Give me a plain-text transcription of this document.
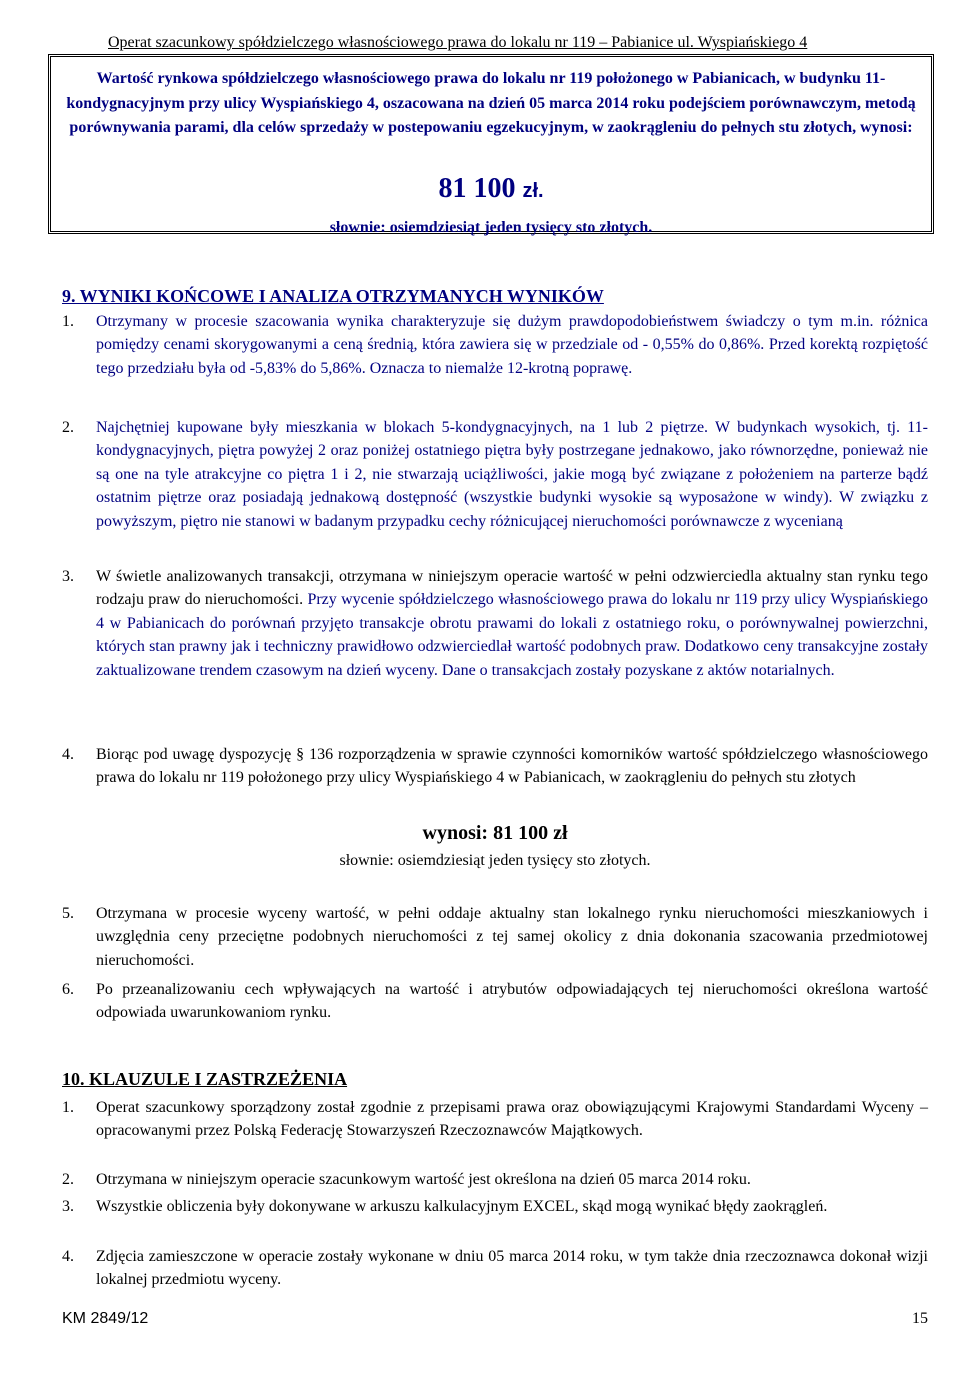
Operat szacunkowy spółdzielczego własnościowego prawa do lokalu nr 119 – Pabianice ul. Wyspiańskiego 4
Wartość rynkowa spółdzielczego własnościowego prawa do lokalu nr 119 położonego w Pabianicach, w budynku 11-kondygnacyjnym przy ulicy Wyspiańskiego 4, oszacowana na dzień 05 marca 2014 roku podejściem porównawczym, metodą porównywania parami, dla celów sprzedaży w postepowaniu egzekucyjnym, w zaokrągleniu do pełnych stu złotych, wynosi:
81 100 zł.
słownie: osiemdziesiąt jeden tysięcy sto złotych.
9. WYNIKI KOŃCOWE I ANALIZA OTRZYMANYCH WYNIKÓW
1.	Otrzymany w procesie szacowania wynika charakteryzuje się dużym prawdopodobieństwem świadczy o tym m.in. różnica pomiędzy cenami skorygowanymi a ceną średnią, która zawiera się w przedziale od - 0,55% do 0,86%. Przed korektą rozpiętość tego przedziału była od -5,83% do 5,86%. Oznacza to niemalże 12-krotną poprawę.
2.	Najchętniej kupowane były mieszkania w blokach 5-kondygnacyjnych, na 1 lub 2 piętrze. W budynkach wysokich, tj. 11-kondygnacyjnych, piętra powyżej 2 oraz poniżej ostatniego piętra były postrzegane jednakowo, jako równorzędne, ponieważ nie są one na tyle atrakcyjne co piętra 1 i 2, nie stwarzają uciążliwości, jakie mogą być związane z położeniem na parterze bądź ostatnim piętrze oraz posiadają jednakową dostępność (wszystkie budynki wysokie są wyposażone w windy). W związku z powyższym, piętro nie stanowi w badanym przypadku cechy różnicującej nieruchomości porównawcze z wycenianą
3.	W świetle analizowanych transakcji, otrzymana w niniejszym operacie wartość w pełni odzwierciedla aktualny stan rynku tego rodzaju praw do nieruchomości. Przy wycenie spółdzielczego własnościowego prawa do lokalu nr 119 przy ulicy Wyspiańskiego 4 w Pabianicach do porównań przyjęto transakcje obrotu prawami do lokali z ostatniego roku, o porównywalnej powierzchni, których stan prawny jak i techniczny prawidłowo odzwierciedlał wartość podobnych praw. Dodatkowo ceny transakcyjne zostały zaktualizowane trendem czasowym na dzień wyceny. Dane o transakcjach zostały pozyskane z aktów notarialnych.
4.	Biorąc pod uwagę dyspozycję § 136 rozporządzenia w sprawie czynności komorników wartość spółdzielczego własnościowego prawa do lokalu nr 119 położonego przy ulicy Wyspiańskiego 4 w Pabianicach, w zaokrągleniu do pełnych stu złotych
wynosi: 81 100 zł
słownie: osiemdziesiąt jeden tysięcy sto złotych.
5.	Otrzymana w procesie wyceny wartość, w pełni oddaje aktualny stan lokalnego rynku nieruchomości mieszkaniowych i uwzględnia ceny przeciętne podobnych nieruchomości z tej samej okolicy z dnia dokonania szacowania przedmiotowej nieruchomości.
6.	Po przeanalizowaniu cech wpływających na wartość i atrybutów odpowiadających tej nieruchomości określona wartość odpowiada uwarunkowaniom rynku.
10. KLAUZULE I ZASTRZEŻENIA
1.	Operat szacunkowy sporządzony został zgodnie z przepisami prawa oraz obowiązującymi Krajowymi Standardami Wyceny – opracowanymi przez Polską Federację Stowarzyszeń Rzeczoznawców Majątkowych.
2.	Otrzymana w niniejszym operacie szacunkowym wartość jest określona na dzień 05 marca 2014 roku.
3.	Wszystkie obliczenia były dokonywane w arkuszu kalkulacyjnym EXCEL, skąd mogą wynikać błędy zaokrągleń.
4.	Zdjęcia zamieszczone w operacie zostały wykonane w dniu 05 marca 2014 roku, w tym także dnia rzeczoznawca dokonał wizji lokalnej przedmiotu wyceny.
KM 2849/12	15
